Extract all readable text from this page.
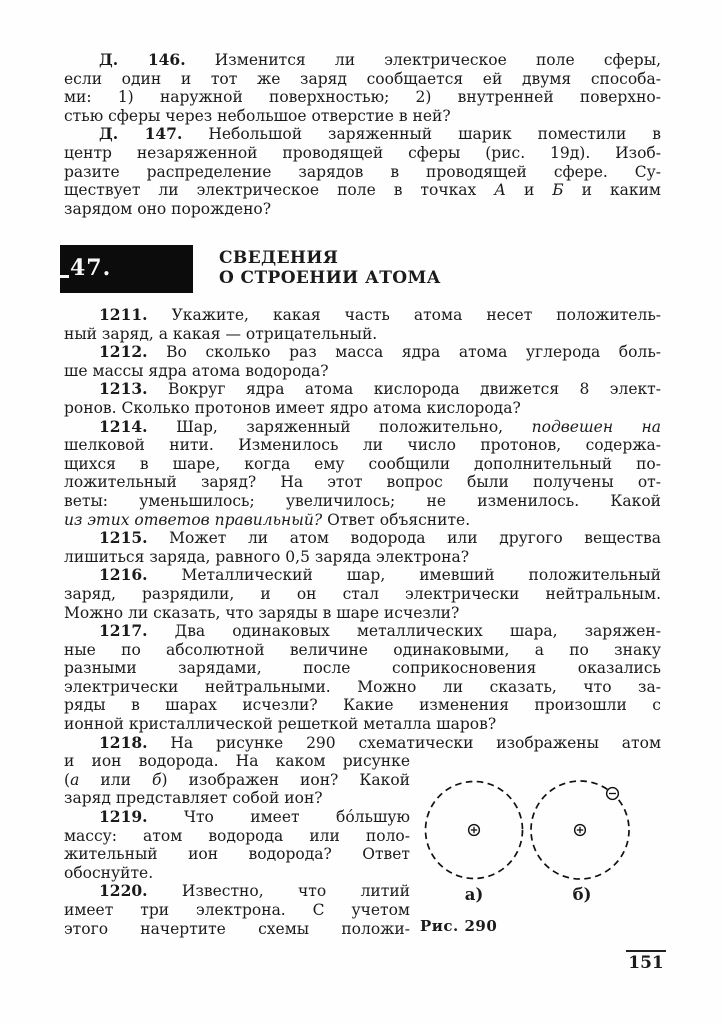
Д. 146. Изменится ли электрическое поле сферы,
если один и тот же заряд сообщается ей двумя способа-
ми: 1) наружной поверхностью; 2) внутренней поверхно-
стью сферы через небольшое отверстие в ней?
Д. 147. Небольшой заряженный шарик поместили в
центр незаряженной проводящей сферы (рис. 19д). Изоб-
разите распределение зарядов в проводящей сфере. Су-
ществует ли электрическое поле в точках А и Б и каким
зарядом оно порождено?
47.	СВЕДЕНИЯ
О СТРОЕНИИ АТОМА
1211. Укажите, какая часть атома несет положитель-
ный заряд, а какая — отрицательный.
1212. Во сколько раз масса ядра атома углерода боль-
ше массы ядра атома водорода?
1213. Вокруг ядра атома кислорода движется 8 элект-
ронов. Сколько протонов имеет ядро атома кислорода?
1214. Шар, заряженный положительно, подвешен на
шелковой нити. Изменилось ли число протонов, содержа-
щихся в шаре, когда ему сообщили дополнительный по-
ложительный заряд? На этот вопрос были получены от-
веты: уменьшилось; увеличилось; не изменилось. Какой
из этих ответов правильный? Ответ объясните.
1215. Может ли атом водорода или другого вещества
лишиться заряда, равного 0,5 заряда электрона?
1216. Металлический шар, имевший положительный
заряд, разрядили, и он стал электрически нейтральным.
Можно ли сказать, что заряды в шаре исчезли?
1217. Два одинаковых металлических шара, заряжен-
ные по абсолютной величине одинаковыми, а по знаку
разными зарядами, после соприкосновения оказались
электрически нейтральными. Можно ли сказать, что за-
ряды в шарах исчезли? Какие изменения произошли с
ионной кристаллической решеткой металла шаров?
1218. На рисунке 290 схематически изображены атом
и ион водорода. На каком рисунке
(а или б) изображен ион? Какой
заряд представляет собой ион?
1219. Что имеет бо́льшую
массу: атом водорода или поло-
жительный ион водорода? Ответ
обоснуйте.
1220. Известно, что литий
имеет три электрона. С учетом
этого начертите схемы положи-
а)	б)
Рис. 290
151
